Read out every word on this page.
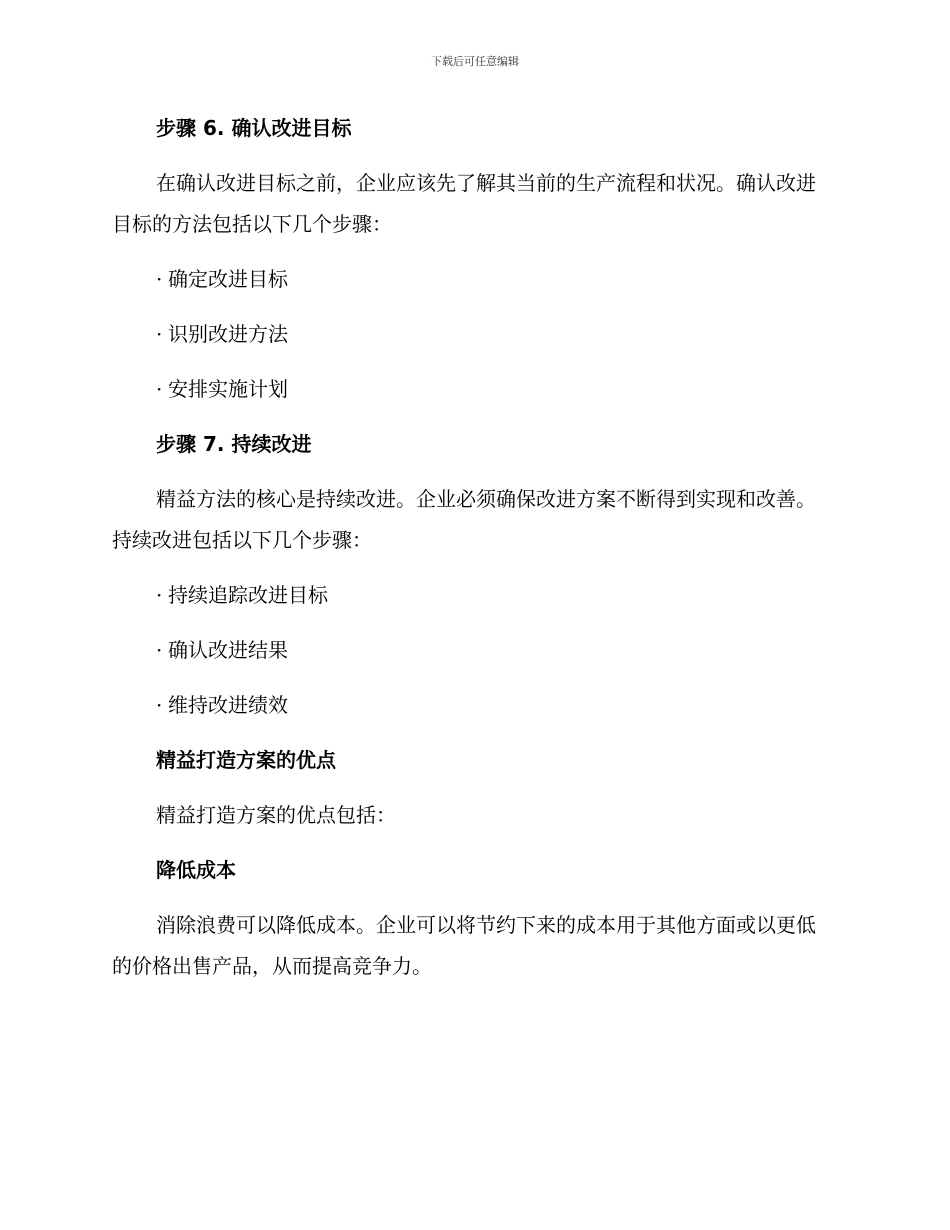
下载后可任意编辑
步骤 6. 确认改进目标
在确认改进目标之前，企业应该先了解其当前的生产流程和状况。确认改进目标的方法包括以下几个步骤：
· 确定改进目标
· 识别改进方法
· 安排实施计划
步骤 7. 持续改进
精益方法的核心是持续改进。企业必须确保改进方案不断得到实现和改善。持续改进包括以下几个步骤：
· 持续追踪改进目标
· 确认改进结果
· 维持改进绩效
精益打造方案的优点
精益打造方案的优点包括：
降低成本
消除浪费可以降低成本。企业可以将节约下来的成本用于其他方面或以更低的价格出售产品，从而提高竞争力。
